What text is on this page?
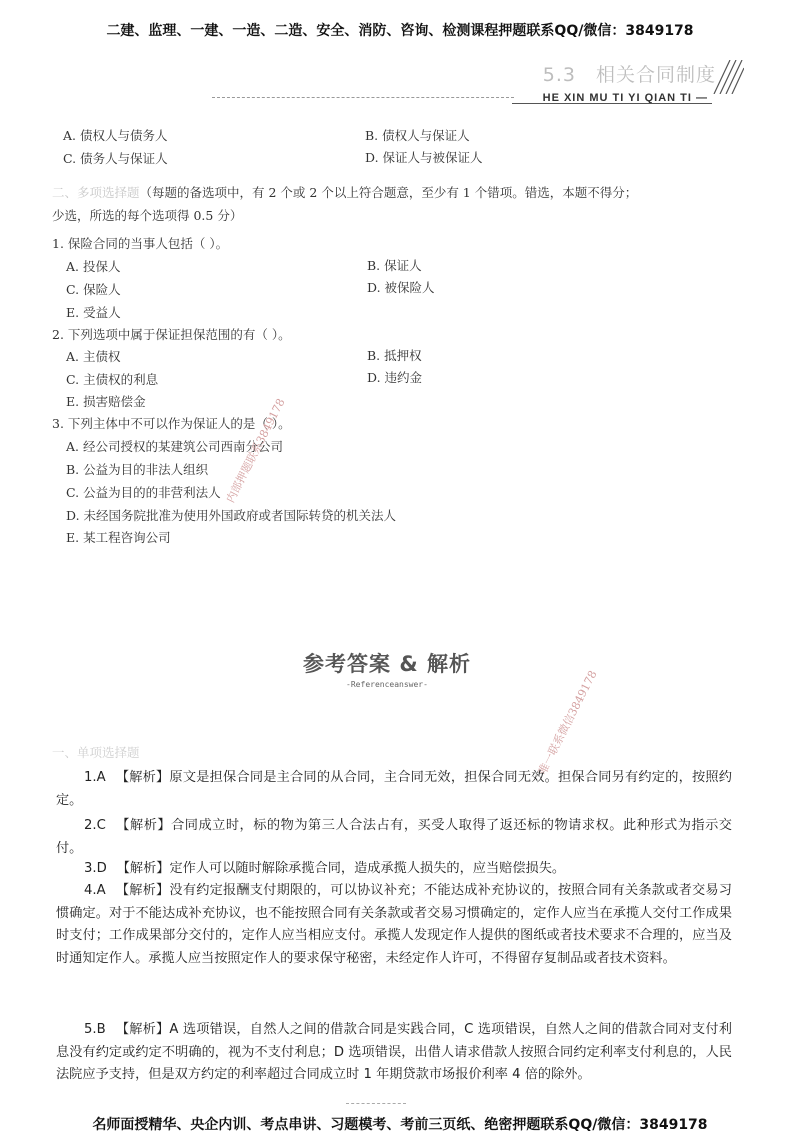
二建、监理、一建、一造、二造、安全、消防、咨询、检测课程押题联系QQ/微信：3849178
5.3　相关合同制度
HE XIN MU TI YI QIAN TI —
A. 债权人与债务人	B. 债权人与保证人
C. 债务人与保证人	D. 保证人与被保证人
二、多项选择题（每题的备选项中，有 2 个或 2 个以上符合题意，至少有 1 个错项。错选，本题不得分；
少选，所选的每个选项得 0.5 分）
1. 保险合同的当事人包括（ ）。
A. 投保人	B. 保证人
C. 保险人	D. 被保险人
E. 受益人
2. 下列选项中属于保证担保范围的有（ ）。
A. 主债权	B. 抵押权
C. 主债权的利息	D. 违约金
E. 损害赔偿金
3. 下列主体中不可以作为保证人的是（ ）。
A. 经公司授权的某建筑公司西南分公司
B. 公益为目的非法人组织
C. 公益为目的的非营利法人
D. 未经国务院批准为使用外国政府或者国际转贷的机关法人
E. 某工程咨询公司
内部押题联系3849178
参考答案 & 解析
-Referenceanswer-	唯一联系微信3849178
一、单项选择题
1.A 【解析】原文是担保合同是主合同的从合同，主合同无效，担保合同无效。担保合同另有约定的，按照约定。
2.C 【解析】合同成立时，标的物为第三人合法占有，买受人取得了返还标的物请求权。此种形式为指示交付。
3.D 【解析】定作人可以随时解除承揽合同，造成承揽人损失的，应当赔偿损失。
4.A 【解析】没有约定报酬支付期限的，可以协议补充；不能达成补充协议的，按照合同有关条款或者交易习惯确定。对于不能达成补充协议，也不能按照合同有关条款或者交易习惯确定的，定作人应当在承揽人交付工作成果时支付；工作成果部分交付的，定作人应当相应支付。承揽人发现定作人提供的图纸或者技术要求不合理的，应当及时通知定作人。承揽人应当按照定作人的要求保守秘密，未经定作人许可，不得留存复制品或者技术资料。
5.B 【解析】A 选项错误，自然人之间的借款合同是实践合同，C 选项错误，自然人之间的借款合同对支付利息没有约定或约定不明确的，视为不支付利息；D 选项错误，出借人请求借款人按照合同约定利率支付利息的，人民法院应予支持，但是双方约定的利率超过合同成立时 1 年期贷款市场报价利率 4 倍的除外。
名师面授精华、央企内训、考点串讲、习题模考、考前三页纸、绝密押题联系QQ/微信：3849178
